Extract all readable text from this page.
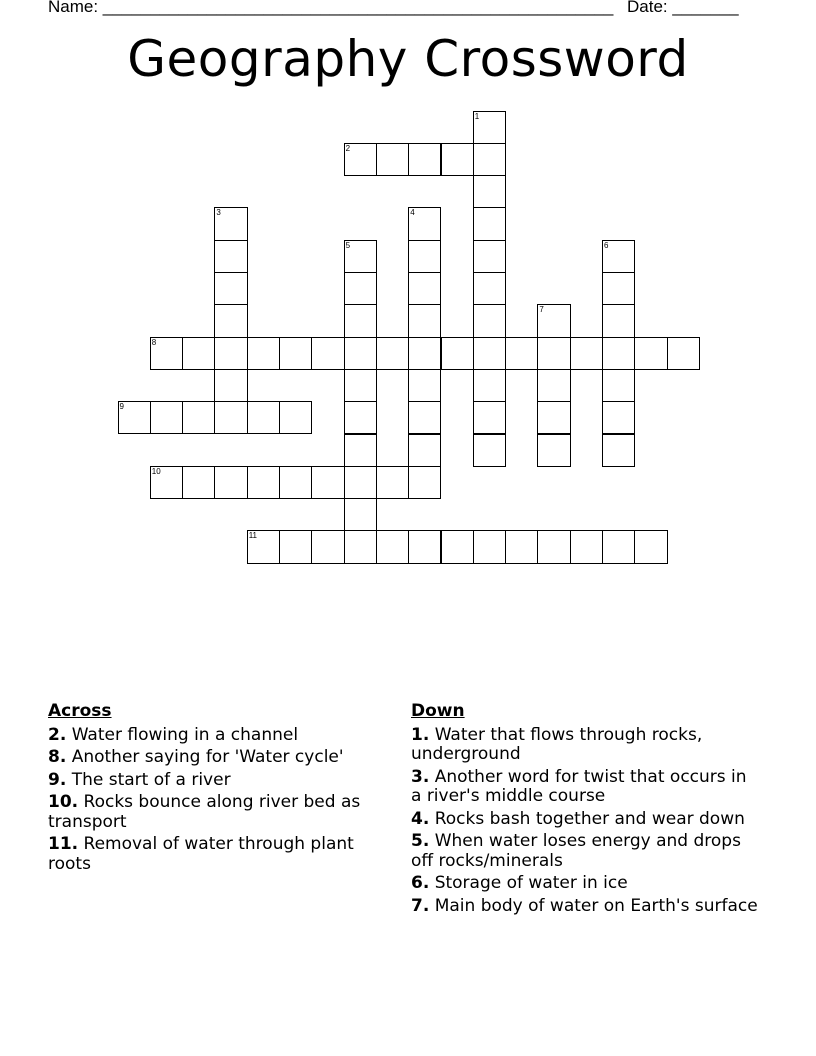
Name: ______________________________________________________ Date: _______
Geography Crossword
1
2
3	4
5	6
7
8
9
10
11
Across
2. Water flowing in a channel
8. Another saying for 'Water cycle'
9. The start of a river
10. Rocks bounce along river bed as transport
11. Removal of water through plant roots
Down
1. Water that flows through rocks, underground
3. Another word for twist that occurs in a river's middle course
4. Rocks bash together and wear down
5. When water loses energy and drops off rocks/minerals
6. Storage of water in ice
7. Main body of water on Earth's surface
